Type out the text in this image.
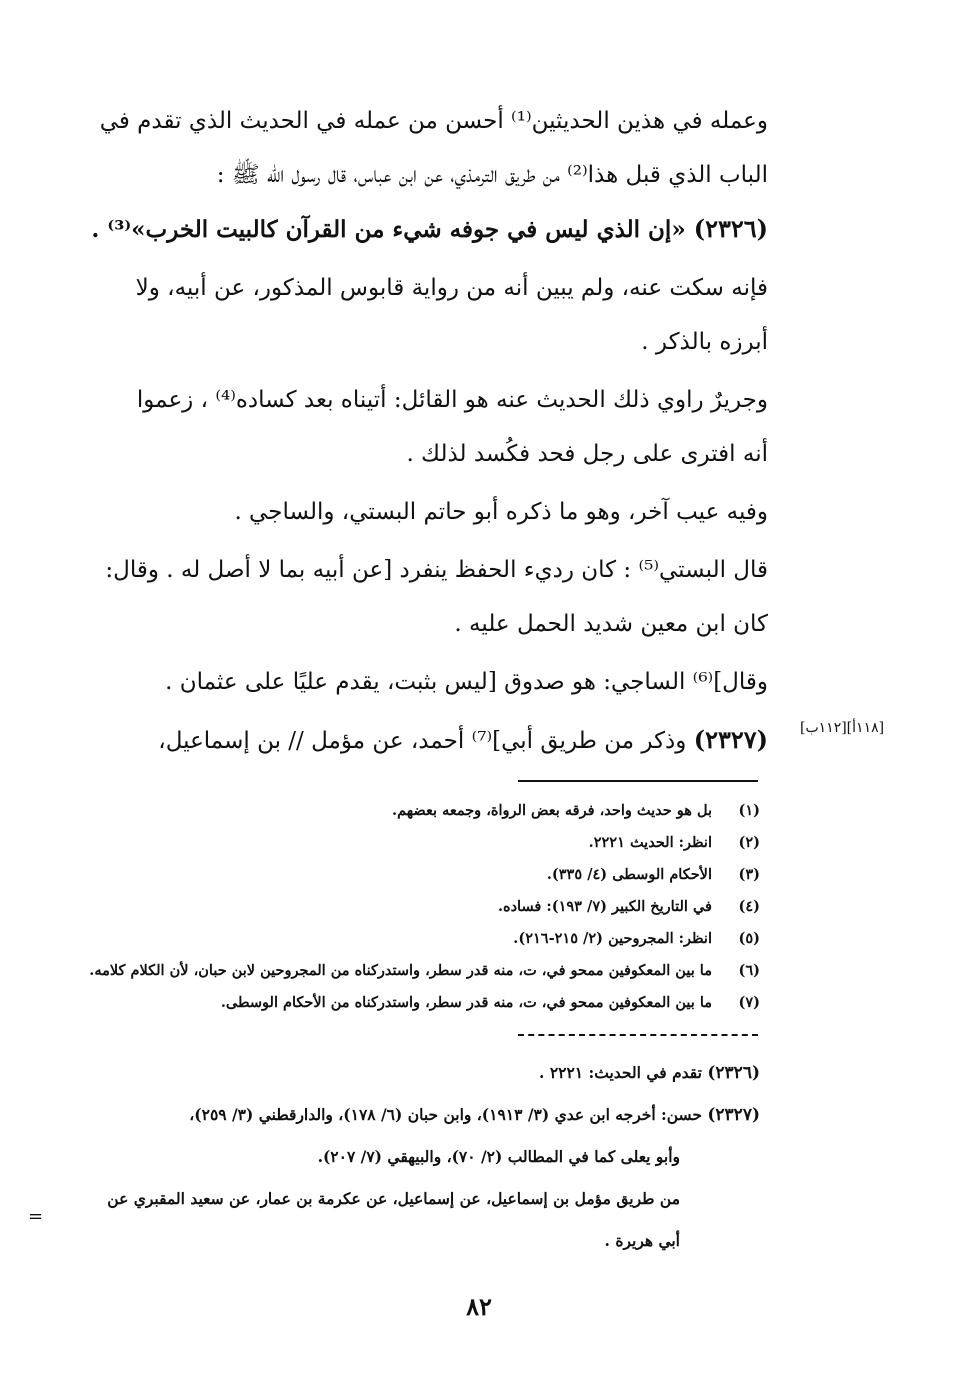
وعمله في هذين الحديثين⁽¹⁾ أحسن من عمله في الحديث الذي تقدم في

الباب الذي قبل هذا⁽²⁾ من طريق الترمذي، عن ابن عباس، قال رسول الله ﷺ :

(٢٣٢٦) «إن الذي ليس في جوفه شيء من القرآن كالبيت الخرب»⁽³⁾ .

فإنه سكت عنه، ولم يبين أنه من رواية قابوس المذكور، عن أبيه، ولا

أبرزه بالذكر .

وجريرٌ راوي ذلك الحديث عنه هو القائل: أتيناه بعد كساده⁽⁴⁾ ، زعموا

أنه افترى على رجل فحد فكُسد لذلك .

وفيه عيب آخر، وهو ما ذكره أبو حاتم البستي، والساجي .

قال البستي⁽⁵⁾ : كان رديء الحفظ ينفرد [عن أبيه بما لا أصل له . وقال:

كان ابن معين شديد الحمل عليه .

وقال]⁽⁶⁾ الساجي: هو صدوق [ليس بثبت، يقدم عليًا على عثمان .

(٢٣٢٧) وذكر من طريق أبي]⁽⁷⁾ أحمد، عن مؤمل // بن إسماعيل،	[١١٨أ][١١٢ب]
(١)
بل هو حديث واحد، فرقه بعض الرواة، وجمعه بعضهم.
(٢)
انظر: الحديث ٢٢٢١.
(٣)
الأحكام الوسطى (٤/ ٣٣٥).
(٤)
في التاريخ الكبير (٧/ ١٩٣): فساده.
(٥)
انظر: المجروحين (٢/ ٢١٥-٢١٦).
(٦)
ما بين المعكوفين ممحو في، ت، منه قدر سطر، واستدركناه من المجروحين لابن حبان، لأن الكلام كلامه.
(٧)
ما بين المعكوفين ممحو في، ت، منه قدر سطر، واستدركناه من الأحكام الوسطى.
(٢٣٢٦) تقدم في الحديث: ٢٢٢١ .
(٢٣٢٧) حسن: أخرجه ابن عدي (٣/ ١٩١٣)، وابن حبان (٦/ ١٧٨)، والدارقطني (٣/ ٢٥٩)،
وأبو يعلى كما في المطالب (٢/ ٧٠)، والبيهقي (٧/ ٢٠٧).
من طريق مؤمل بن إسماعيل، عن إسماعيل، عن عكرمة بن عمار، عن سعيد المقبري عن
أبي هريرة .
=
٨٢
